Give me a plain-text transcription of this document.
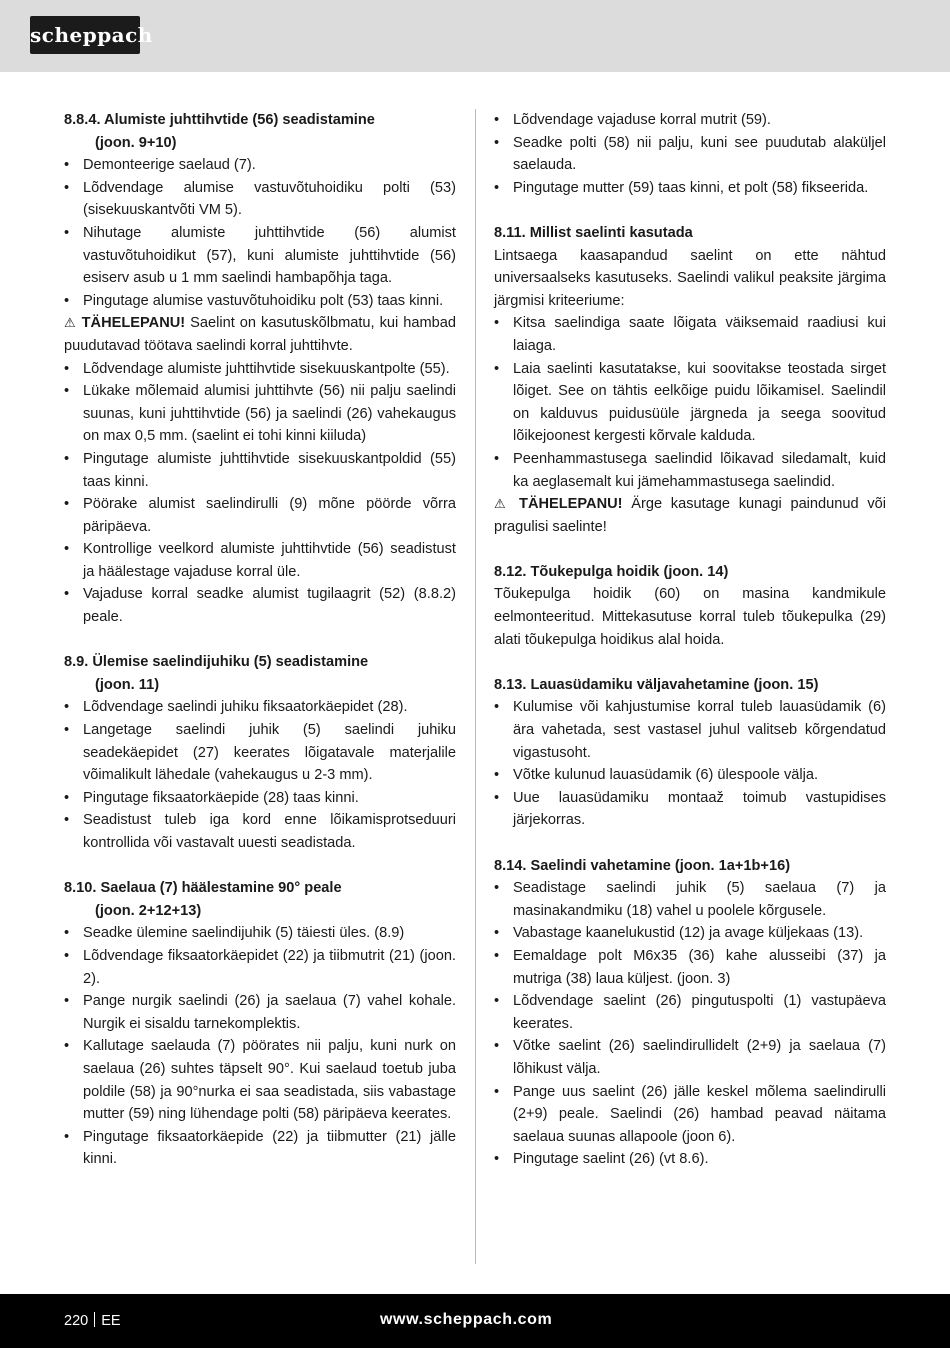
scheppach
8.8.4. Alumiste juhttihvtide (56) seadistamine
(joon. 9+10)
• Demonteerige saelaud (7).
• Lõdvendage alumise vastuvõtuhoidiku polti (53) (sisekuuskantvõti VM 5).
• Nihutage alumiste juhttihvtide (56) alumist vastuvõtuhoidikut (57), kuni alumiste juhttihvtide (56) esiserv asub u 1 mm saelindi hambapõhja taga.
• Pingutage alumise vastuvõtuhoidiku polt (53) taas kinni.

⚠ TÄHELEPANU! Saelint on kasutuskõlbmatu, kui hambad puudutavad töötava saelindi korral juhttihvte.

• Lõdvendage alumiste juhttihvtide sisekuuskantpolte (55).
• Lükake mõlemaid alumisi juhttihvte (56) nii palju saelindi suunas, kuni juhttihvtide (56) ja saelindi (26) vahekaugus on max 0,5 mm. (saelint ei tohi kinni kiiluda)
• Pingutage alumiste juhttihvtide sisekuuskantpoldid (55) taas kinni.
• Pöörake alumist saelindirulli (9) mõne pöörde võrra päripäeva.
• Kontrollige veelkord alumiste juhttihvtide (56) seadistust ja häälestage vajaduse korral üle.
• Vajaduse korral seadke alumist tugilaagrit (52) (8.8.2) peale.
8.9. Ülemise saelindijuhiku (5) seadistamine
(joon. 11)
• Lõdvendage saelindi juhiku fiksaatorkäepidet (28).
• Langetage saelindi juhik (5) saelindi juhiku seadekäepidet (27) keerates lõigatavale materjalile võimalikult lähedale (vahekaugus u 2-3 mm).
• Pingutage fiksaatorkäepide (28) taas kinni.
• Seadistust tuleb iga kord enne lõikamisprotseduuri kontrollida või vastavalt uuesti seadistada.
8.10. Saelaua (7) häälestamine 90° peale
(joon. 2+12+13)
• Seadke ülemine saelindijuhik (5) täiesti üles. (8.9)
• Lõdvendage fiksaatorkäepidet (22) ja tiibmutrit (21) (joon. 2).
• Pange nurgik saelindi (26) ja saelaua (7) vahel kohale. Nurgik ei sisaldu tarnekomplektis.
• Kallutage saelauda (7) pöörates nii palju, kuni nurk on saelaua (26) suhtes täpselt 90°. Kui saelaud toetub juba poldile (58) ja 90°nurka ei saa seadistada, siis vabastage mutter (59) ning lühendage polti (58) päripäeva keerates.
• Pingutage fiksaatorkäepide (22) ja tiibmutter (21) jälle kinni.
• Lõdvendage vajaduse korral mutrit (59).
• Seadke polti (58) nii palju, kuni see puudutab alaküljel saelauda.
• Pingutage mutter (59) taas kinni, et polt (58) fikseerida.
8.11. Millist saelinti kasutada

Lintsaega kaasapandud saelint on ette nähtud universaalseks kasutuseks. Saelindi valikul peaksite järgima järgmisi kriteeriume:

• Kitsa saelindiga saate lõigata väiksemaid raadiusi kui laiaga.
• Laia saelinti kasutatakse, kui soovitakse teostada sirget lõiget. See on tähtis eelkõige puidu lõikamisel. Saelindil on kalduvus puidusüüle järgneda ja seega soovitud lõikejoonest kergesti kõrvale kalduda.
• Peenhammastusega saelindid lõikavad siledamalt, kuid ka aeglasemalt kui jämehammastusega saelindid.

⚠ TÄHELEPANU! Ärge kasutage kunagi paindunud või pragulisi saelinte!

8.12. Tõukepulga hoidik (joon. 14)

Tõukepulga hoidik (60) on masina kandmikule eelmonteeritud. Mittekasutuse korral tuleb tõukepulka (29) alati tõukepulga hoidikus alal hoida.

8.13. Lauasüdamiku väljavahetamine (joon. 15)
• Kulumise või kahjustumise korral tuleb lauasüdamik (6) ära vahetada, sest vastasel juhul valitseb kõrgendatud vigastusoht.
• Võtke kulunud lauasüdamik (6) ülespoole välja.
• Uue lauasüdamiku montaaž toimub vastupidises järjekorras.
8.14. Saelindi vahetamine (joon. 1a+1b+16)
• Seadistage saelindi juhik (5) saelaua (7) ja masinakandmiku (18) vahel u poolele kõrgusele.
• Vabastage kaanelukustid (12) ja avage küljekaas (13).
• Eemaldage polt M6x35 (36) kahe alusseibi (37) ja mutriga (38) laua küljest. (joon. 3)
• Lõdvendage saelint (26) pingutuspolti (1) vastupäeva keerates.
• Võtke saelint (26) saelindirullidelt (2+9) ja saelaua (7) lõhikust välja.
• Pange uus saelint (26) jälle keskel mõlema saelindirulli (2+9) peale. Saelindi (26) hambad peavad näitama saelaua suunas allapoole (joon 6).
• Pingutage saelint (26) (vt 8.6).
220 EE	www.scheppach.com
